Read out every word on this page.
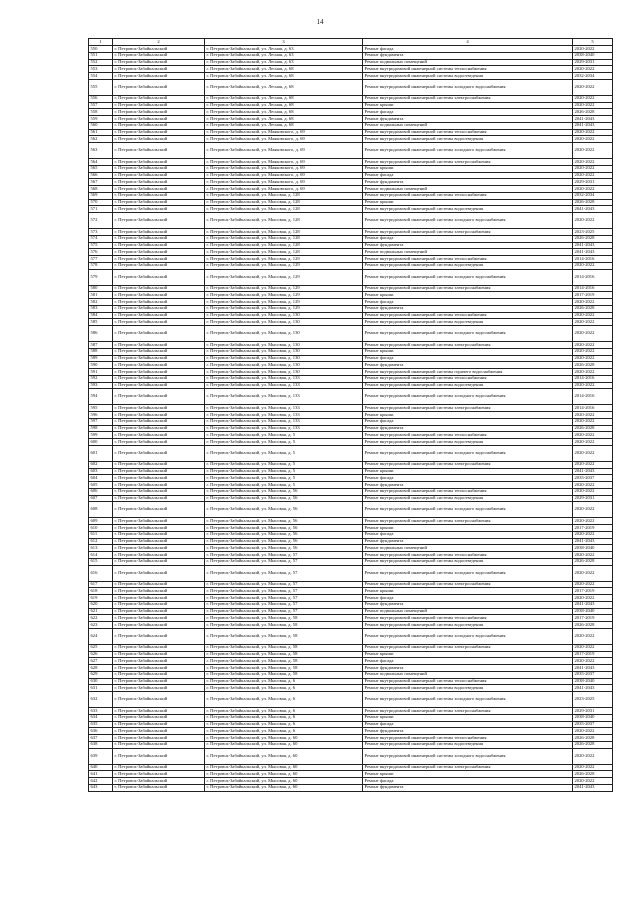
14
1	2	3	4	5
550	г. Петровск-Забайкальский	г. Петровск-Забайкальский, ул. Лесная, д. 63	Ремонт фасада	2020-2022
551	г. Петровск-Забайкальский	г. Петровск-Забайкальский, ул. Лесная, д. 63	Ремонт фундамента	2038-2040
552	г. Петровск-Забайкальский	г. Петровск-Забайкальский, ул. Лесная, д. 63	Ремонт подвальных помещений	2029-2031
553	г. Петровск-Забайкальский	г. Петровск-Забайкальский, ул. Лесная, д. 68	Ремонт внутридомовой инженерной системы теплоснабжения	2020-2022
554	г. Петровск-Забайкальский	г. Петровск-Забайкальский, ул. Лесная, д. 68	Ремонт внутридомовой инженерной системы водоотведения	2032-2034
555	г. Петровск-Забайкальский	г. Петровск-Забайкальский, ул. Лесная, д. 68	Ремонт внутридомовой инженерной системы холодного водоснабжения	2020-2022
556	г. Петровск-Забайкальский	г. Петровск-Забайкальский, ул. Лесная, д. 68	Ремонт внутридомовой инженерной системы электроснабжения	2020-2022
557	г. Петровск-Забайкальский	г. Петровск-Забайкальский, ул. Лесная, д. 68	Ремонт крыши	2020-2022
558	г. Петровск-Забайкальский	г. Петровск-Забайкальский, ул. Лесная, д. 68	Ремонт фасада	2026-2028
559	г. Петровск-Забайкальский	г. Петровск-Забайкальский, ул. Лесная, д. 68	Ремонт фундамента	2041-2043
560	г. Петровск-Забайкальский	г. Петровск-Забайкальский, ул. Лесная, д. 68	Ремонт подвальных помещений	2041-2043
561	г. Петровск-Забайкальский	г. Петровск-Забайкальский, ул. Маяковского, д. 69	Ремонт внутридомовой инженерной системы теплоснабжения	2020-2022
562	г. Петровск-Забайкальский	г. Петровск-Забайкальский, ул. Маяковского, д. 69	Ремонт внутридомовой инженерной системы водоотведения	2020-2022
563	г. Петровск-Забайкальский	г. Петровск-Забайкальский, ул. Маяковского, д. 69	Ремонт внутридомовой инженерной системы холодного водоснабжения	2020-2022
564	г. Петровск-Забайкальский	г. Петровск-Забайкальский, ул. Маяковского, д. 69	Ремонт внутридомовой инженерной системы электроснабжения	2020-2022
565	г. Петровск-Забайкальский	г. Петровск-Забайкальский, ул. Маяковского, д. 69	Ремонт крыши	2020-2022
566	г. Петровск-Забайкальский	г. Петровск-Забайкальский, ул. Маяковского, д. 69	Ремонт фасада	2020-2022
567	г. Петровск-Забайкальский	г. Петровск-Забайкальский, ул. Маяковского, д. 69	Ремонт фундамента	2029-2031
568	г. Петровск-Забайкальский	г. Петровск-Забайкальский, ул. Маяковского, д. 69	Ремонт подвальных помещений	2020-2022
569	г. Петровск-Забайкальский	г. Петровск-Забайкальский, ул. Мысовая, д. 128	Ремонт внутридомовой инженерной системы теплоснабжения	2032-2034
570	г. Петровск-Забайкальский	г. Петровск-Забайкальский, ул. Мысовая, д. 128	Ремонт крыши	2026-2028
571	г. Петровск-Забайкальский	г. Петровск-Забайкальский, ул. Мысовая, д. 128	Ремонт внутридомовой инженерной системы водоотведения	2041-2043
572	г. Петровск-Забайкальский	г. Петровск-Забайкальский, ул. Мысовая, д. 128	Ремонт внутридомовой инженерной системы холодного водоснабжения	2020-2022
573	г. Петровск-Забайкальский	г. Петровск-Забайкальский, ул. Мысовая, д. 128	Ремонт внутридомовой инженерной системы электроснабжения	2023-2025
574	г. Петровск-Забайкальский	г. Петровск-Забайкальский, ул. Мысовая, д. 128	Ремонт фасада	2026-2028
575	г. Петровск-Забайкальский	г. Петровск-Забайкальский, ул. Мысовая, д. 128	Ремонт фундамента	2041-2043
576	г. Петровск-Забайкальский	г. Петровск-Забайкальский, ул. Мысовая, д. 128	Ремонт подвальных помещений	2041-2043
577	г. Петровск-Забайкальский	г. Петровск-Забайкальский, ул. Мысовая, д. 129	Ремонт внутридомовой инженерной системы теплоснабжения	2014-2016
578	г. Петровск-Забайкальский	г. Петровск-Забайкальский, ул. Мысовая, д. 129	Ремонт внутридомовой инженерной системы водоотведения	2020-2022
579	г. Петровск-Забайкальский	г. Петровск-Забайкальский, ул. Мысовая, д. 129	Ремонт внутридомовой инженерной системы холодного водоснабжения	2014-2016
580	г. Петровск-Забайкальский	г. Петровск-Забайкальский, ул. Мысовая, д. 129	Ремонт внутридомовой инженерной системы электроснабжения	2014-2016
581	г. Петровск-Забайкальский	г. Петровск-Забайкальский, ул. Мысовая, д. 129	Ремонт крыши	2017-2019
582	г. Петровск-Забайкальский	г. Петровск-Забайкальский, ул. Мысовая, д. 129	Ремонт фасада	2020-2022
583	г. Петровск-Забайкальский	г. Петровск-Забайкальский, ул. Мысовая, д. 129	Ремонт фундамента	2026-2028
584	г. Петровск-Забайкальский	г. Петровск-Забайкальский, ул. Мысовая, д. 130	Ремонт внутридомовой инженерной системы теплоснабжения	2020-2022
585	г. Петровск-Забайкальский	г. Петровск-Забайкальский, ул. Мысовая, д. 130	Ремонт внутридомовой инженерной системы водоотведения	2020-2022
586	г. Петровск-Забайкальский	г. Петровск-Забайкальский, ул. Мысовая, д. 130	Ремонт внутридомовой инженерной системы холодного водоснабжения	2020-2022
587	г. Петровск-Забайкальский	г. Петровск-Забайкальский, ул. Мысовая, д. 130	Ремонт внутридомовой инженерной системы электроснабжения	2020-2022
588	г. Петровск-Забайкальский	г. Петровск-Забайкальский, ул. Мысовая, д. 130	Ремонт крыши	2020-2022
589	г. Петровск-Забайкальский	г. Петровск-Забайкальский, ул. Мысовая, д. 130	Ремонт фасада	2020-2022
590	г. Петровск-Забайкальский	г. Петровск-Забайкальский, ул. Мысовая, д. 130	Ремонт фундамента	2026-2028
591	г. Петровск-Забайкальский	г. Петровск-Забайкальский, ул. Мысовая, д. 130	Ремонт внутридомовой инженерной системы горячего водоснабжения	2020-2022
592	г. Петровск-Забайкальский	г. Петровск-Забайкальский, ул. Мысовая, д. 133	Ремонт внутридомовой инженерной системы теплоснабжения	2014-2016
593	г. Петровск-Забайкальский	г. Петровск-Забайкальский, ул. Мысовая, д. 133	Ремонт внутридомовой инженерной системы водоотведения	2020-2022
594	г. Петровск-Забайкальский	г. Петровск-Забайкальский, ул. Мысовая, д. 133	Ремонт внутридомовой инженерной системы холодного водоснабжения	2014-2016
595	г. Петровск-Забайкальский	г. Петровск-Забайкальский, ул. Мысовая, д. 133	Ремонт внутридомовой инженерной системы электроснабжения	2014-2016
596	г. Петровск-Забайкальский	г. Петровск-Забайкальский, ул. Мысовая, д. 133	Ремонт крыши	2020-2022
597	г. Петровск-Забайкальский	г. Петровск-Забайкальский, ул. Мысовая, д. 133	Ремонт фасада	2020-2022
598	г. Петровск-Забайкальский	г. Петровск-Забайкальский, ул. Мысовая, д. 133	Ремонт фундамента	2026-2028
599	г. Петровск-Забайкальский	г. Петровск-Забайкальский, ул. Мысовая, д. 5	Ремонт внутридомовой инженерной системы теплоснабжения	2020-2022
600	г. Петровск-Забайкальский	г. Петровск-Забайкальский, ул. Мысовая, д. 5	Ремонт внутридомовой инженерной системы водоотведения	2020-2022
601	г. Петровск-Забайкальский	г. Петровск-Забайкальский, ул. Мысовая, д. 5	Ремонт внутридомовой инженерной системы холодного водоснабжения	2020-2022
602	г. Петровск-Забайкальский	г. Петровск-Забайкальский, ул. Мысовая, д. 5	Ремонт внутридомовой инженерной системы электроснабжения	2020-2022
603	г. Петровск-Забайкальский	г. Петровск-Забайкальский, ул. Мысовая, д. 5	Ремонт крыши	2041-2043
604	г. Петровск-Забайкальский	г. Петровск-Забайкальский, ул. Мысовая, д. 5	Ремонт фасада	2035-2037
605	г. Петровск-Забайкальский	г. Петровск-Забайкальский, ул. Мысовая, д. 5	Ремонт фундамента	2020-2022
606	г. Петровск-Забайкальский	г. Петровск-Забайкальский, ул. Мысовая, д. 56	Ремонт внутридомовой инженерной системы теплоснабжения	2020-2022
607	г. Петровск-Забайкальский	г. Петровск-Забайкальский, ул. Мысовая, д. 56	Ремонт внутридомовой инженерной системы водоотведения	2029-2031
608	г. Петровск-Забайкальский	г. Петровск-Забайкальский, ул. Мысовая, д. 56	Ремонт внутридомовой инженерной системы холодного водоснабжения	2020-2022
609	г. Петровск-Забайкальский	г. Петровск-Забайкальский, ул. Мысовая, д. 56	Ремонт внутридомовой инженерной системы электроснабжения	2020-2022
610	г. Петровск-Забайкальский	г. Петровск-Забайкальский, ул. Мысовая, д. 56	Ремонт крыши	2017-2019
611	г. Петровск-Забайкальский	г. Петровск-Забайкальский, ул. Мысовая, д. 56	Ремонт фасада	2020-2022
612	г. Петровск-Забайкальский	г. Петровск-Забайкальский, ул. Мысовая, д. 56	Ремонт фундамента	2041-2043
613	г. Петровск-Забайкальский	г. Петровск-Забайкальский, ул. Мысовая, д. 56	Ремонт подвальных помещений	2038-2040
614	г. Петровск-Забайкальский	г. Петровск-Забайкальский, ул. Мысовая, д. 57	Ремонт внутридомовой инженерной системы теплоснабжения	2020-2022
615	г. Петровск-Забайкальский	г. Петровск-Забайкальский, ул. Мысовая, д. 57	Ремонт внутридомовой инженерной системы водоотведения	2026-2028
616	г. Петровск-Забайкальский	г. Петровск-Забайкальский, ул. Мысовая, д. 57	Ремонт внутридомовой инженерной системы холодного водоснабжения	2020-2022
617	г. Петровск-Забайкальский	г. Петровск-Забайкальский, ул. Мысовая, д. 57	Ремонт внутридомовой инженерной системы электроснабжения	2020-2022
618	г. Петровск-Забайкальский	г. Петровск-Забайкальский, ул. Мысовая, д. 57	Ремонт крыши	2017-2019
619	г. Петровск-Забайкальский	г. Петровск-Забайкальский, ул. Мысовая, д. 57	Ремонт фасада	2020-2022
620	г. Петровск-Забайкальский	г. Петровск-Забайкальский, ул. Мысовая, д. 57	Ремонт фундамента	2041-2043
621	г. Петровск-Забайкальский	г. Петровск-Забайкальский, ул. Мысовая, д. 57	Ремонт подвальных помещений	2038-2040
622	г. Петровск-Забайкальский	г. Петровск-Забайкальский, ул. Мысовая, д. 58	Ремонт внутридомовой инженерной системы теплоснабжения	2017-2019
623	г. Петровск-Забайкальский	г. Петровск-Забайкальский, ул. Мысовая, д. 58	Ремонт внутридомовой инженерной системы водоотведения	2026-2028
624	г. Петровск-Забайкальский	г. Петровск-Забайкальский, ул. Мысовая, д. 58	Ремонт внутридомовой инженерной системы холодного водоснабжения	2020-2022
625	г. Петровск-Забайкальский	г. Петровск-Забайкальский, ул. Мысовая, д. 58	Ремонт внутридомовой инженерной системы электроснабжения	2020-2022
626	г. Петровск-Забайкальский	г. Петровск-Забайкальский, ул. Мысовая, д. 58	Ремонт крыши	2017-2019
627	г. Петровск-Забайкальский	г. Петровск-Забайкальский, ул. Мысовая, д. 58	Ремонт фасада	2020-2022
628	г. Петровск-Забайкальский	г. Петровск-Забайкальский, ул. Мысовая, д. 58	Ремонт фундамента	2041-2043
629	г. Петровск-Забайкальский	г. Петровск-Забайкальский, ул. Мысовая, д. 58	Ремонт подвальных помещений	2035-2037
630	г. Петровск-Забайкальский	г. Петровск-Забайкальский, ул. Мысовая, д. 6	Ремонт внутридомовой инженерной системы теплоснабжения	2038-2040
631	г. Петровск-Забайкальский	г. Петровск-Забайкальский, ул. Мысовая, д. 6	Ремонт внутридомовой инженерной системы водоотведения	2041-2043
632	г. Петровск-Забайкальский	г. Петровск-Забайкальский, ул. Мысовая, д. 6	Ремонт внутридомовой инженерной системы холодного водоснабжения	2023-2025
633	г. Петровск-Забайкальский	г. Петровск-Забайкальский, ул. Мысовая, д. 6	Ремонт внутридомовой инженерной системы электроснабжения	2029-2031
634	г. Петровск-Забайкальский	г. Петровск-Забайкальский, ул. Мысовая, д. 6	Ремонт крыши	2038-2040
635	г. Петровск-Забайкальский	г. Петровск-Забайкальский, ул. Мысовая, д. 6	Ремонт фасада	2035-2037
636	г. Петровск-Забайкальский	г. Петровск-Забайкальский, ул. Мысовая, д. 6	Ремонт фундамента	2020-2022
637	г. Петровск-Забайкальский	г. Петровск-Забайкальский, ул. Мысовая, д. 60	Ремонт внутридомовой инженерной системы теплоснабжения	2026-2028
638	г. Петровск-Забайкальский	г. Петровск-Забайкальский, ул. Мысовая, д. 60	Ремонт внутридомовой инженерной системы водоотведения	2026-2028
639	г. Петровск-Забайкальский	г. Петровск-Забайкальский, ул. Мысовая, д. 60	Ремонт внутридомовой инженерной системы холодного водоснабжения	2020-2022
640	г. Петровск-Забайкальский	г. Петровск-Забайкальский, ул. Мысовая, д. 60	Ремонт внутридомовой инженерной системы электроснабжения	2020-2022
641	г. Петровск-Забайкальский	г. Петровск-Забайкальский, ул. Мысовая, д. 60	Ремонт крыши	2026-2028
642	г. Петровск-Забайкальский	г. Петровск-Забайкальский, ул. Мысовая, д. 60	Ремонт фасада	2020-2022
643	г. Петровск-Забайкальский	г. Петровск-Забайкальский, ул. Мысовая, д. 60	Ремонт фундамента	2041-2043
